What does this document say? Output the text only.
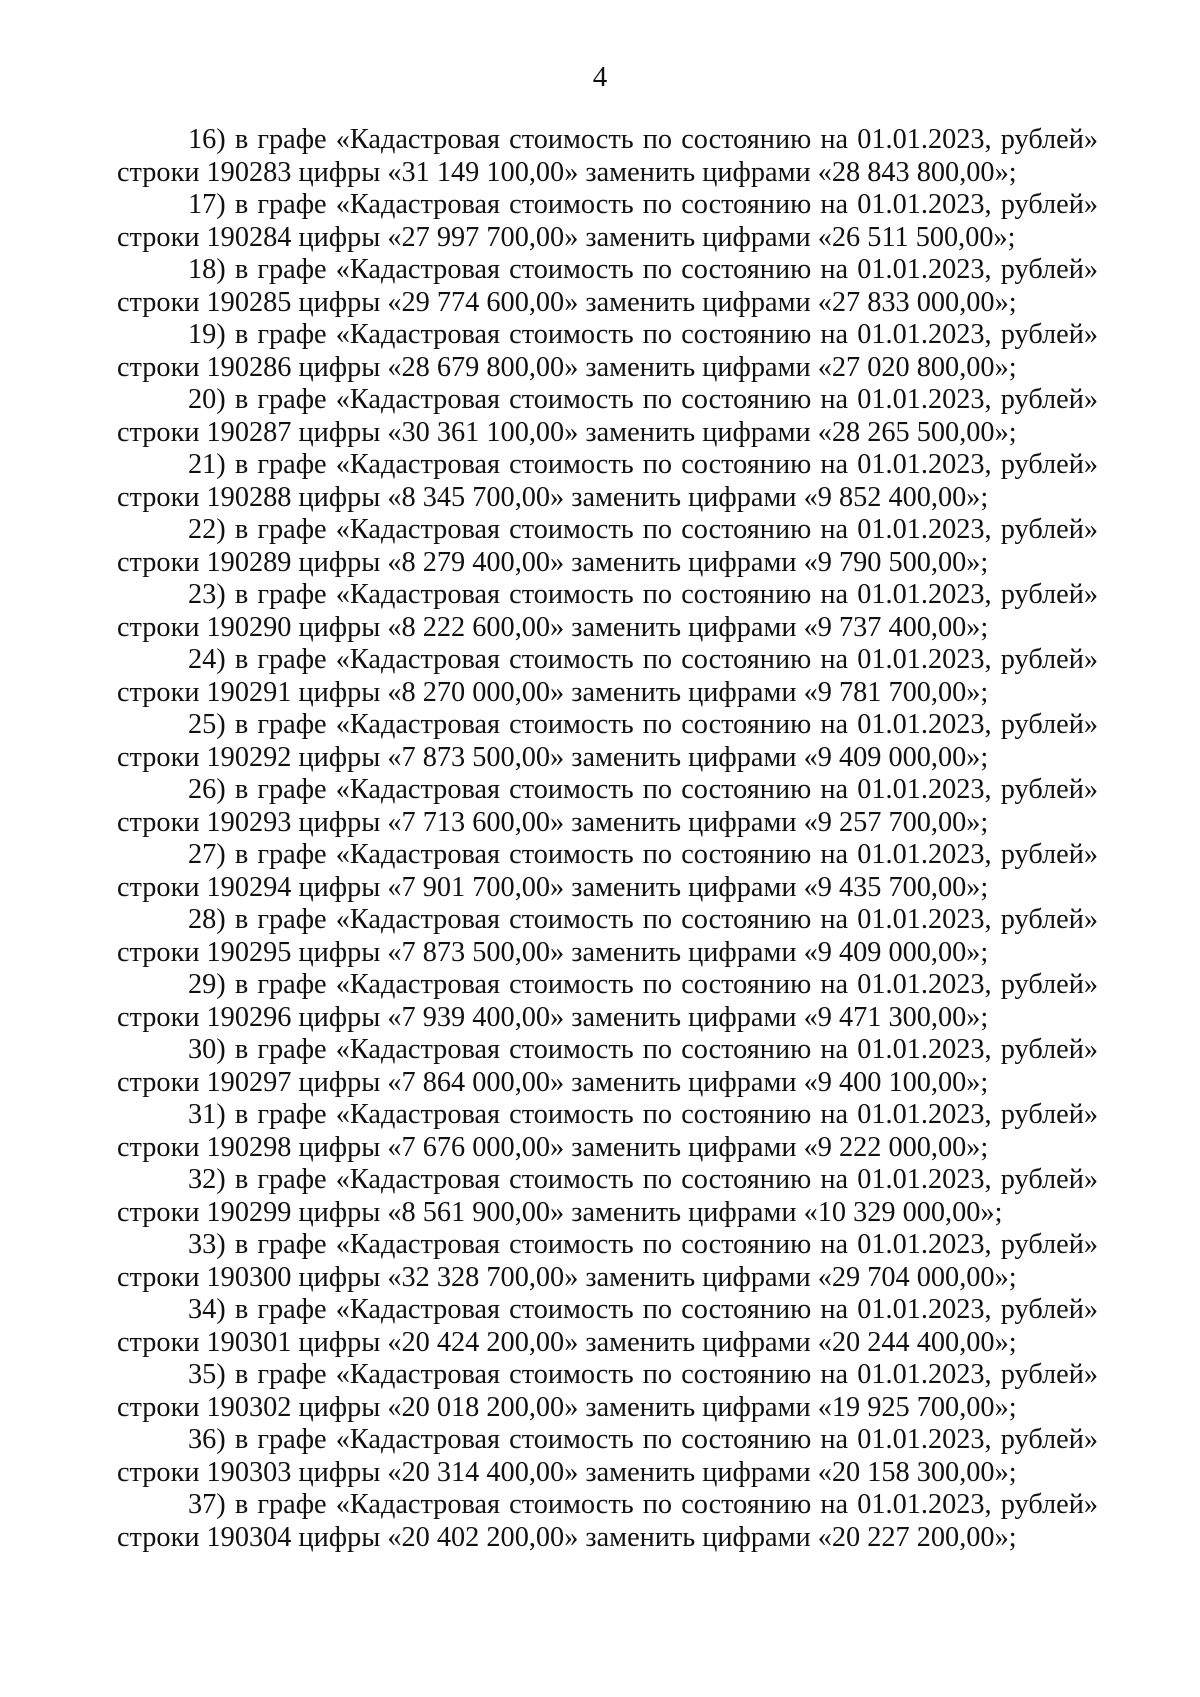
4

16) в графе «Кадастровая стоимость по состоянию на 01.01.2023, рублей»
строки 190283 цифры «31 149 100,00» заменить цифрами «28 843 800,00»;

17) в графе «Кадастровая стоимость по состоянию на 01.01.2023, рублей»
строки 190284 цифры «27 997 700,00» заменить цифрами «26 511 500,00»;

18) в графе «Кадастровая стоимость по состоянию на 01.01.2023, рублей»
строки 190285 цифры «29 774 600,00» заменить цифрами «27 833 000,00»;

19) в графе «Кадастровая стоимость по состоянию на 01.01.2023, рублей»
строки 190286 цифры «28 679 800,00» заменить цифрами «27 020 800,00»;

20) в графе «Кадастровая стоимость по состоянию на 01.01.2023, рублей»
строки 190287 цифры «30 361 100,00» заменить цифрами «28 265 500,00»;

21) в графе «Кадастровая стоимость по состоянию на 01.01.2023, рублей»
строки 190288 цифры «8 345 700,00» заменить цифрами «9 852 400,00»;

22) в графе «Кадастровая стоимость по состоянию на 01.01.2023, рублей»
строки 190289 цифры «8 279 400,00» заменить цифрами «9 790 500,00»;

23) в графе «Кадастровая стоимость по состоянию на 01.01.2023, рублей»
строки 190290 цифры «8 222 600,00» заменить цифрами «9 737 400,00»;

24) в графе «Кадастровая стоимость по состоянию на 01.01.2023, рублей»
строки 190291 цифры «8 270 000,00» заменить цифрами «9 781 700,00»;

25) в графе «Кадастровая стоимость по состоянию на 01.01.2023, рублей»
строки 190292 цифры «7 873 500,00» заменить цифрами «9 409 000,00»;

26) в графе «Кадастровая стоимость по состоянию на 01.01.2023, рублей»
строки 190293 цифры «7 713 600,00» заменить цифрами «9 257 700,00»;

27) в графе «Кадастровая стоимость по состоянию на 01.01.2023, рублей»
строки 190294 цифры «7 901 700,00» заменить цифрами «9 435 700,00»;

28) в графе «Кадастровая стоимость по состоянию на 01.01.2023, рублей»
строки 190295 цифры «7 873 500,00» заменить цифрами «9 409 000,00»;

29) в графе «Кадастровая стоимость по состоянию на 01.01.2023, рублей»
строки 190296 цифры «7 939 400,00» заменить цифрами «9 471 300,00»;

30) в графе «Кадастровая стоимость по состоянию на 01.01.2023, рублей»
строки 190297 цифры «7 864 000,00» заменить цифрами «9 400 100,00»;

31) в графе «Кадастровая стоимость по состоянию на 01.01.2023, рублей»
строки 190298 цифры «7 676 000,00» заменить цифрами «9 222 000,00»;

32) в графе «Кадастровая стоимость по состоянию на 01.01.2023, рублей»
строки 190299 цифры «8 561 900,00» заменить цифрами «10 329 000,00»;

33) в графе «Кадастровая стоимость по состоянию на 01.01.2023, рублей»
строки 190300 цифры «32 328 700,00» заменить цифрами «29 704 000,00»;

34) в графе «Кадастровая стоимость по состоянию на 01.01.2023, рублей»
строки 190301 цифры «20 424 200,00» заменить цифрами «20 244 400,00»;

35) в графе «Кадастровая стоимость по состоянию на 01.01.2023, рублей»
строки 190302 цифры «20 018 200,00» заменить цифрами «19 925 700,00»;

36) в графе «Кадастровая стоимость по состоянию на 01.01.2023, рублей»
строки 190303 цифры «20 314 400,00» заменить цифрами «20 158 300,00»;

37) в графе «Кадастровая стоимость по состоянию на 01.01.2023, рублей»
строки 190304 цифры «20 402 200,00» заменить цифрами «20 227 200,00»;
